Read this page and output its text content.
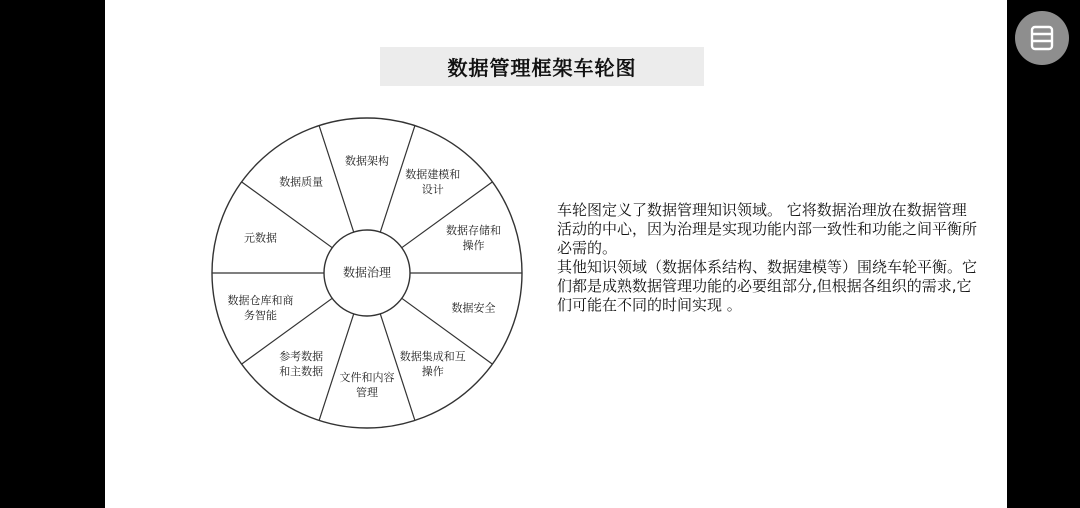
数据管理框架车轮图
数据架构
数据建模和
设计
数据存储和
操作
数据安全
数据集成和互
操作
文件和内容
管理
参考数据
和主数据
数据仓库和商
务智能
元数据
数据质量
数据治理

车轮图定义了数据管理知识领域。 它将数据治理放在数据管理活动的中心，因为治理是实现功能内部一致性和功能之间平衡所必需的。

其他知识领域（数据体系结构、数据建模等）围绕车轮平衡。它们都是成熟数据管理功能的必要组部分,但根据各组织的需求,它们可能在不同的时间实现 。
